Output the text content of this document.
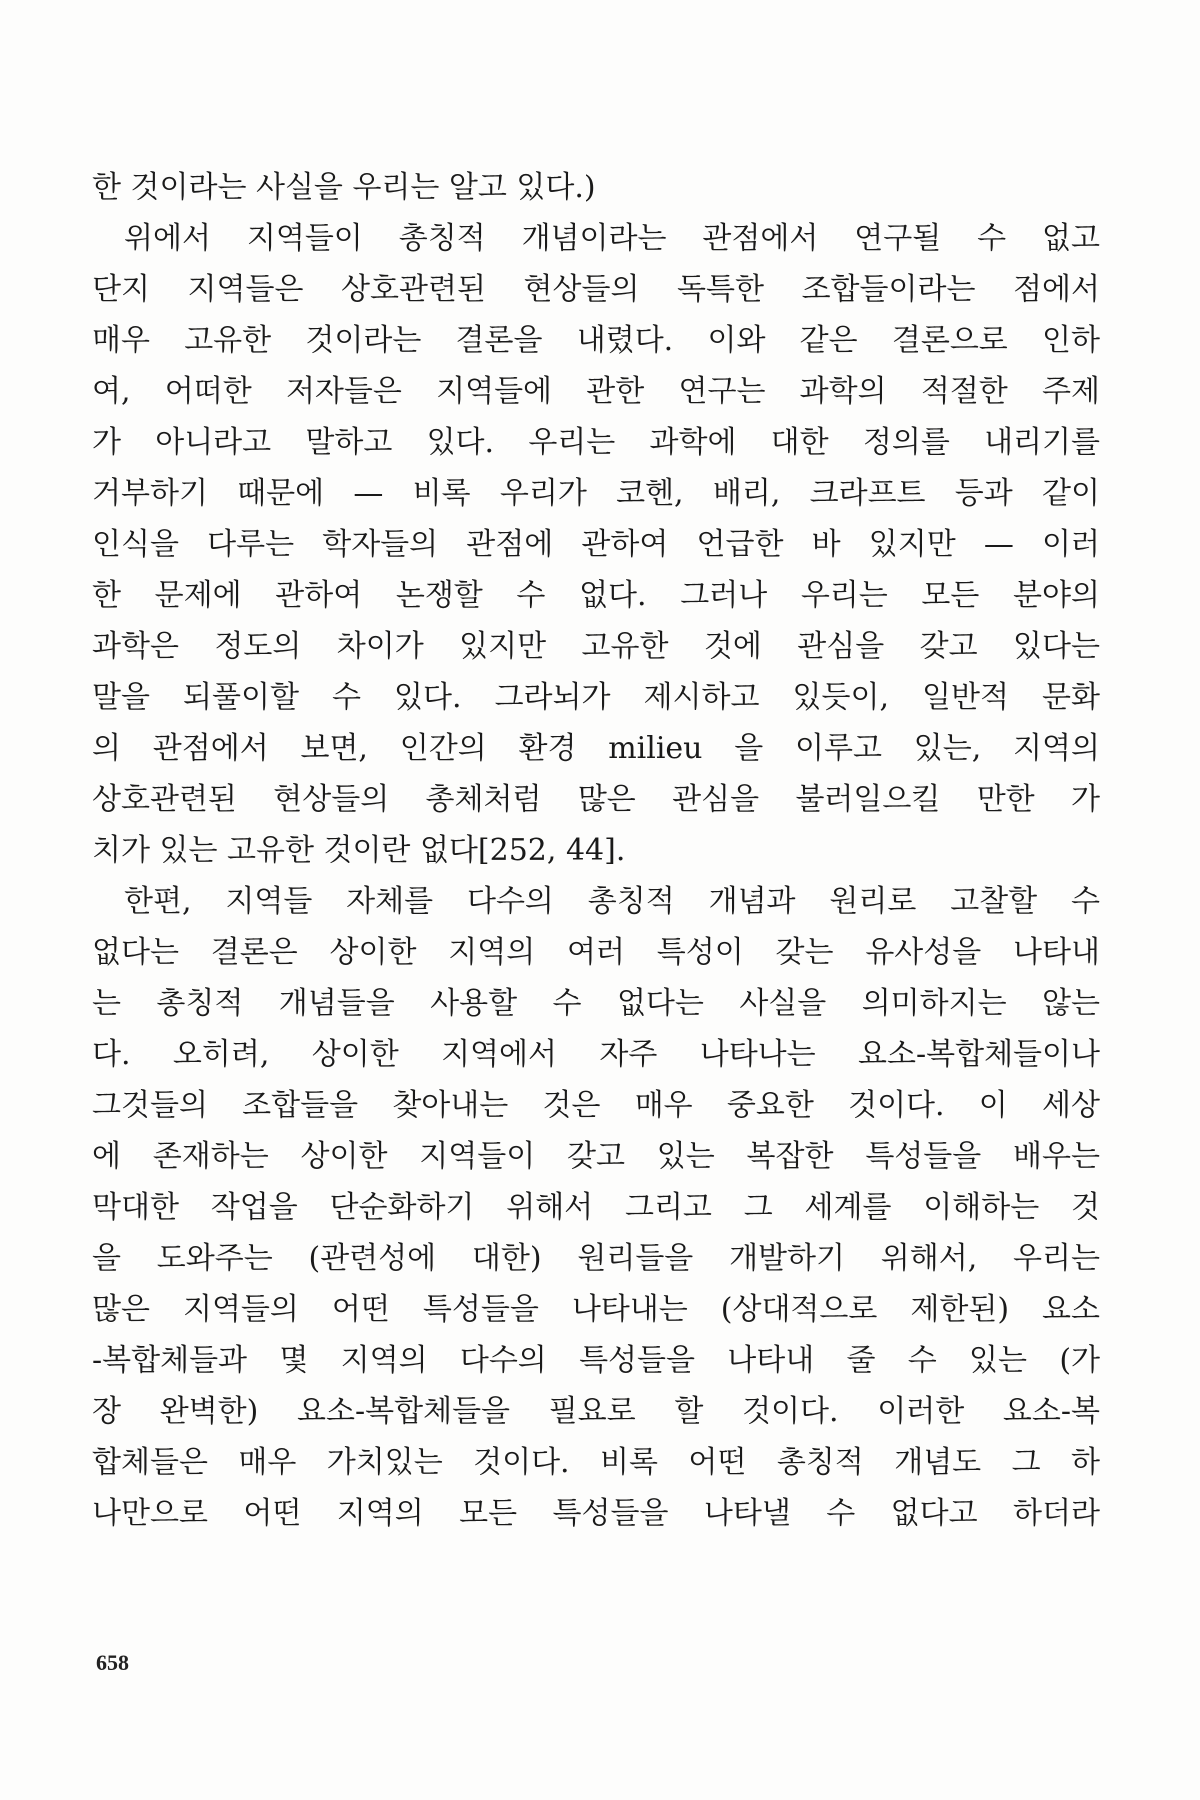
한 것이라는 사실을 우리는 알고 있다.)
위에서 지역들이 총칭적 개념이라는 관점에서 연구될 수 없고
단지 지역들은 상호관련된 현상들의 독특한 조합들이라는 점에서
매우 고유한 것이라는 결론을 내렸다. 이와 같은 결론으로 인하
여, 어떠한 저자들은 지역들에 관한 연구는 과학의 적절한 주제
가 아니라고 말하고 있다. 우리는 과학에 대한 정의를 내리기를
거부하기 때문에 — 비록 우리가 코헨, 배리, 크라프트 등과 같이
인식을 다루는 학자들의 관점에 관하여 언급한 바 있지만 — 이러
한 문제에 관하여 논쟁할 수 없다. 그러나 우리는 모든 분야의
과학은 정도의 차이가 있지만 고유한 것에 관심을 갖고 있다는
말을 되풀이할 수 있다. 그라뇌가 제시하고 있듯이, 일반적 문화
의 관점에서 보면, 인간의 환경 milieu 을 이루고 있는, 지역의
상호관련된 현상들의 총체처럼 많은 관심을 불러일으킬 만한 가
치가 있는 고유한 것이란 없다[252, 44].
한편, 지역들 자체를 다수의 총칭적 개념과 원리로 고찰할 수
없다는 결론은 상이한 지역의 여러 특성이 갖는 유사성을 나타내
는 총칭적 개념들을 사용할 수 없다는 사실을 의미하지는 않는
다. 오히려, 상이한 지역에서 자주 나타나는 요소-복합체들이나
그것들의 조합들을 찾아내는 것은 매우 중요한 것이다. 이 세상
에 존재하는 상이한 지역들이 갖고 있는 복잡한 특성들을 배우는
막대한 작업을 단순화하기 위해서 그리고 그 세계를 이해하는 것
을 도와주는 (관련성에 대한) 원리들을 개발하기 위해서, 우리는
많은 지역들의 어떤 특성들을 나타내는 (상대적으로 제한된) 요소
-복합체들과 몇 지역의 다수의 특성들을 나타내 줄 수 있는 (가
장 완벽한) 요소-복합체들을 필요로 할 것이다. 이러한 요소-복
합체들은 매우 가치있는 것이다. 비록 어떤 총칭적 개념도 그 하
나만으로 어떤 지역의 모든 특성들을 나타낼 수 없다고 하더라
658
